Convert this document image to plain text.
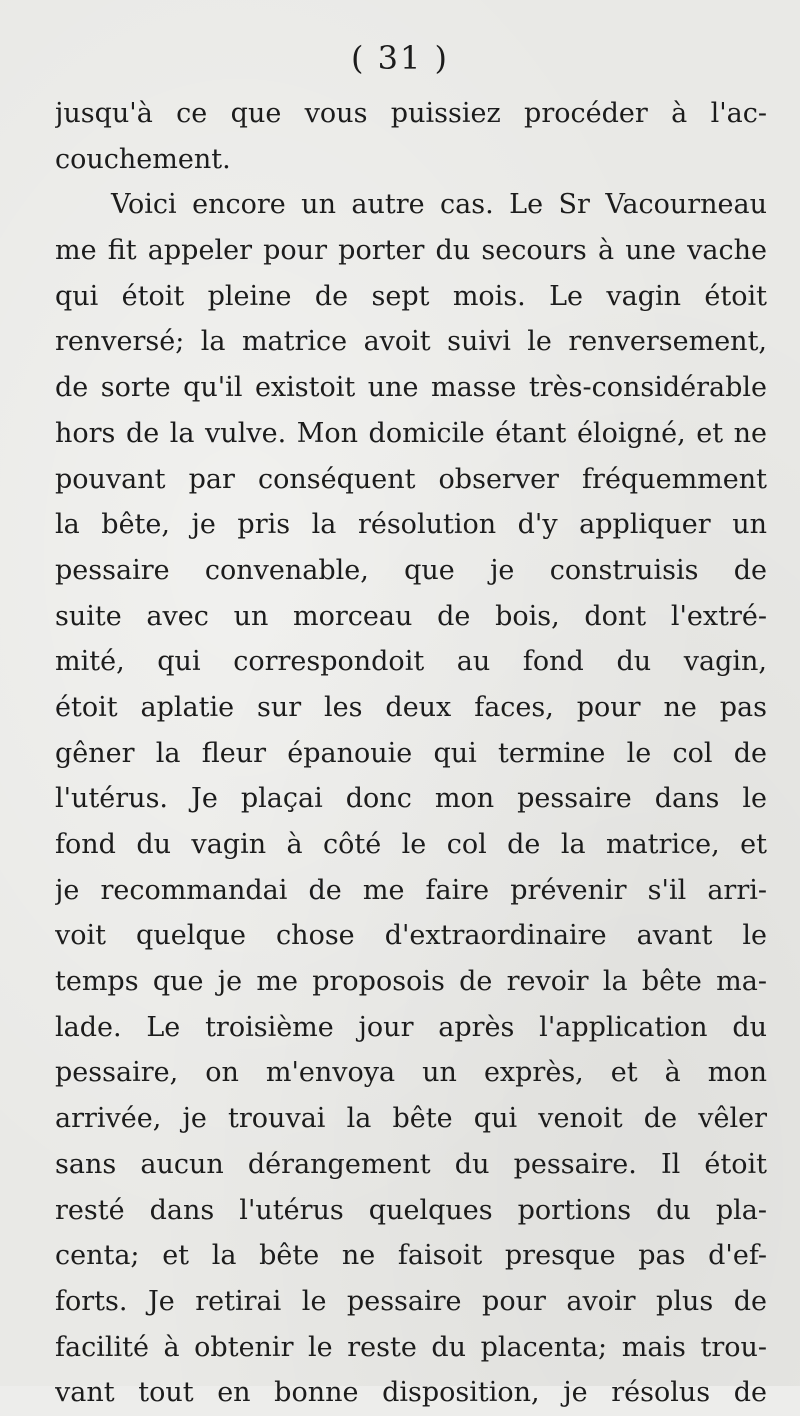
( 31 )
jusqu'à ce que vous puissiez procéder à l'ac-
couchement.
Voici encore un autre cas. Le Sr Vacourneau
me fit appeler pour porter du secours à une vache
qui étoit pleine de sept mois. Le vagin étoit
renversé; la matrice avoit suivi le renversement,
de sorte qu'il existoit une masse très-considérable
hors de la vulve. Mon domicile étant éloigné, et ne
pouvant par conséquent observer fréquemment
la bête, je pris la résolution d'y appliquer un
pessaire convenable, que je construisis de
suite avec un morceau de bois, dont l'extré-
mité, qui correspondoit au fond du vagin,
étoit aplatie sur les deux faces, pour ne pas
gêner la fleur épanouie qui termine le col de
l'utérus. Je plaçai donc mon pessaire dans le
fond du vagin à côté le col de la matrice, et
je recommandai de me faire prévenir s'il arri-
voit quelque chose d'extraordinaire avant le
temps que je me proposois de revoir la bête ma-
lade. Le troisième jour après l'application du
pessaire, on m'envoya un exprès, et à mon
arrivée, je trouvai la bête qui venoit de vêler
sans aucun dérangement du pessaire. Il étoit
resté dans l'utérus quelques portions du pla-
centa; et la bête ne faisoit presque pas d'ef-
forts. Je retirai le pessaire pour avoir plus de
facilité à obtenir le reste du placenta; mais trou-
vant tout en bonne disposition, je résolus de
